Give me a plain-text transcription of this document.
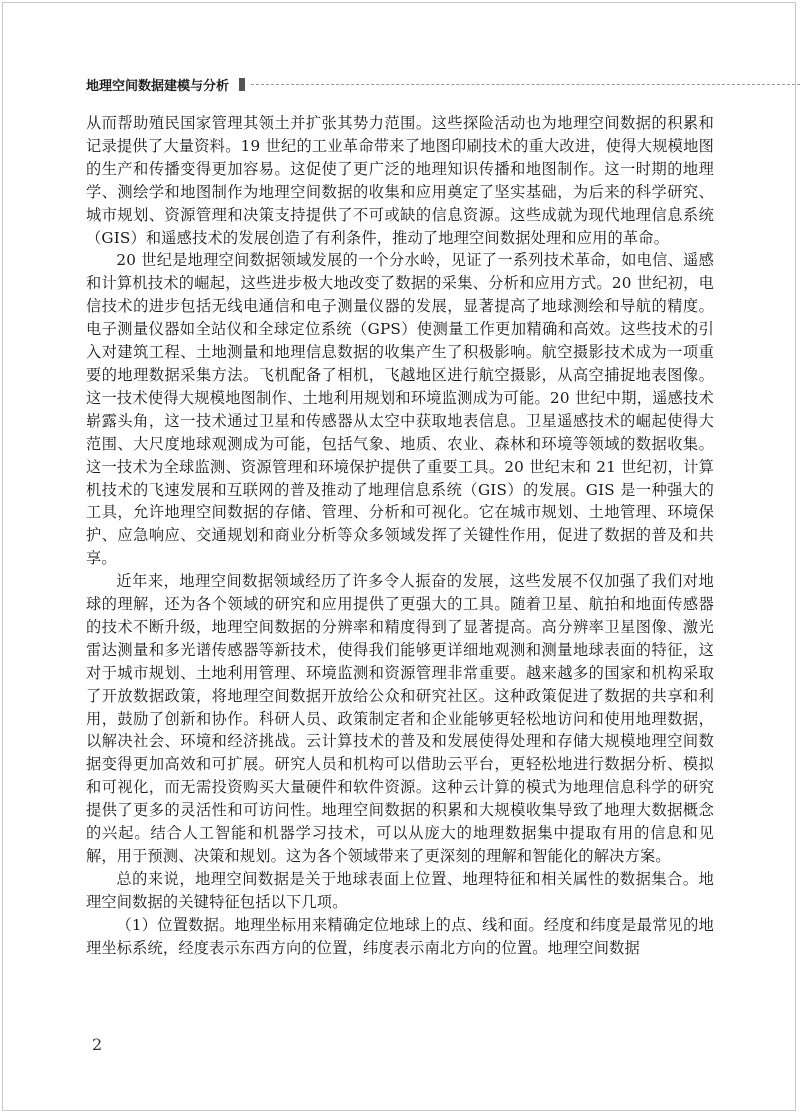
地理空间数据建模与分析

从而帮助殖民国家管理其领土并扩张其势力范围。这些探险活动也为地理空间数据的积累和记录提供了大量资料。19 世纪的工业革命带来了地图印刷技术的重大改进，使得大规模地图的生产和传播变得更加容易。这促使了更广泛的地理知识传播和地图制作。这一时期的地理学、测绘学和地图制作为地理空间数据的收集和应用奠定了坚实基础，为后来的科学研究、城市规划、资源管理和决策支持提供了不可或缺的信息资源。这些成就为现代地理信息系统（GIS）和遥感技术的发展创造了有利条件，推动了地理空间数据处理和应用的革命。

20 世纪是地理空间数据领域发展的一个分水岭，见证了一系列技术革命，如电信、遥感和计算机技术的崛起，这些进步极大地改变了数据的采集、分析和应用方式。20 世纪初，电信技术的进步包括无线电通信和电子测量仪器的发展，显著提高了地球测绘和导航的精度。电子测量仪器如全站仪和全球定位系统（GPS）使测量工作更加精确和高效。这些技术的引入对建筑工程、土地测量和地理信息数据的收集产生了积极影响。航空摄影技术成为一项重要的地理数据采集方法。飞机配备了相机，飞越地区进行航空摄影，从高空捕捉地表图像。这一技术使得大规模地图制作、土地利用规划和环境监测成为可能。20 世纪中期，遥感技术崭露头角，这一技术通过卫星和传感器从太空中获取地表信息。卫星遥感技术的崛起使得大范围、大尺度地球观测成为可能，包括气象、地质、农业、森林和环境等领域的数据收集。这一技术为全球监测、资源管理和环境保护提供了重要工具。20 世纪末和 21 世纪初，计算机技术的飞速发展和互联网的普及推动了地理信息系统（GIS）的发展。GIS 是一种强大的工具，允许地理空间数据的存储、管理、分析和可视化。它在城市规划、土地管理、环境保护、应急响应、交通规划和商业分析等众多领域发挥了关键性作用，促进了数据的普及和共享。

近年来，地理空间数据领域经历了许多令人振奋的发展，这些发展不仅加强了我们对地球的理解，还为各个领域的研究和应用提供了更强大的工具。随着卫星、航拍和地面传感器的技术不断升级，地理空间数据的分辨率和精度得到了显著提高。高分辨率卫星图像、激光雷达测量和多光谱传感器等新技术，使得我们能够更详细地观测和测量地球表面的特征，这对于城市规划、土地利用管理、环境监测和资源管理非常重要。越来越多的国家和机构采取了开放数据政策，将地理空间数据开放给公众和研究社区。这种政策促进了数据的共享和利用，鼓励了创新和协作。科研人员、政策制定者和企业能够更轻松地访问和使用地理数据，以解决社会、环境和经济挑战。云计算技术的普及和发展使得处理和存储大规模地理空间数据变得更加高效和可扩展。研究人员和机构可以借助云平台，更轻松地进行数据分析、模拟和可视化，而无需投资购买大量硬件和软件资源。这种云计算的模式为地理信息科学的研究提供了更多的灵活性和可访问性。地理空间数据的积累和大规模收集导致了地理大数据概念的兴起。结合人工智能和机器学习技术，可以从庞大的地理数据集中提取有用的信息和见解，用于预测、决策和规划。这为各个领域带来了更深刻的理解和智能化的解决方案。

总的来说，地理空间数据是关于地球表面上位置、地理特征和相关属性的数据集合。地理空间数据的关键特征包括以下几项。

（1）位置数据。地理坐标用来精确定位地球上的点、线和面。经度和纬度是最常见的地理坐标系统，经度表示东西方向的位置，纬度表示南北方向的位置。地理空间数据

2
